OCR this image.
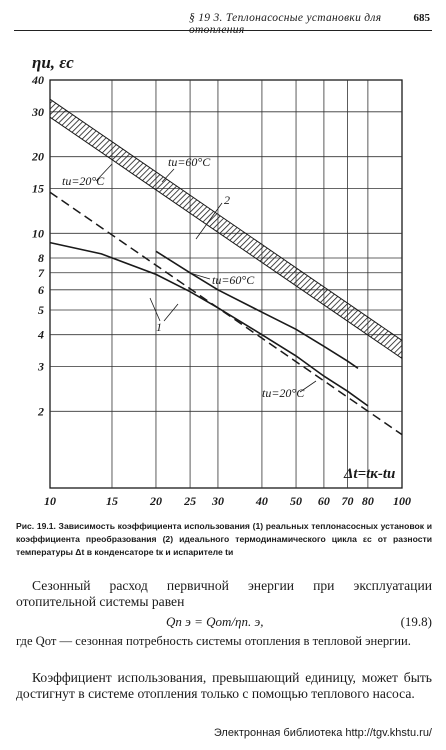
§ 19 3. Теплонасосные установки для отопления
685
10	15	20 25 30	40 50 60 70 80 100
2
3
4
5
6
7
8
10
15
20
30
40
ηи, εc
Δt=tк-tи
tи=20°C
tи=60°C
2
tи=60°C
1
tи=20°C
Рис. 19.1. Зависимость коэффициента использования (1) реальных теплонасосных установок и коэффициента преобразования (2) идеального термодинамического цикла εc от разности температуры Δt в конденсаторе tк и испарителе tи
Сезонный расход первичной энергии при эксплуатации отопительной системы равен
Qп э = Qот/ηп. э,	(19.8)
где Qот — сезонная потребность системы отопления в тепловой энергии.
Коэффициент использования, превышающий единицу, может быть достигнут в системе отопления только с помощью теплового насоса.
Электронная библиотека http://tgv.khstu.ru/
